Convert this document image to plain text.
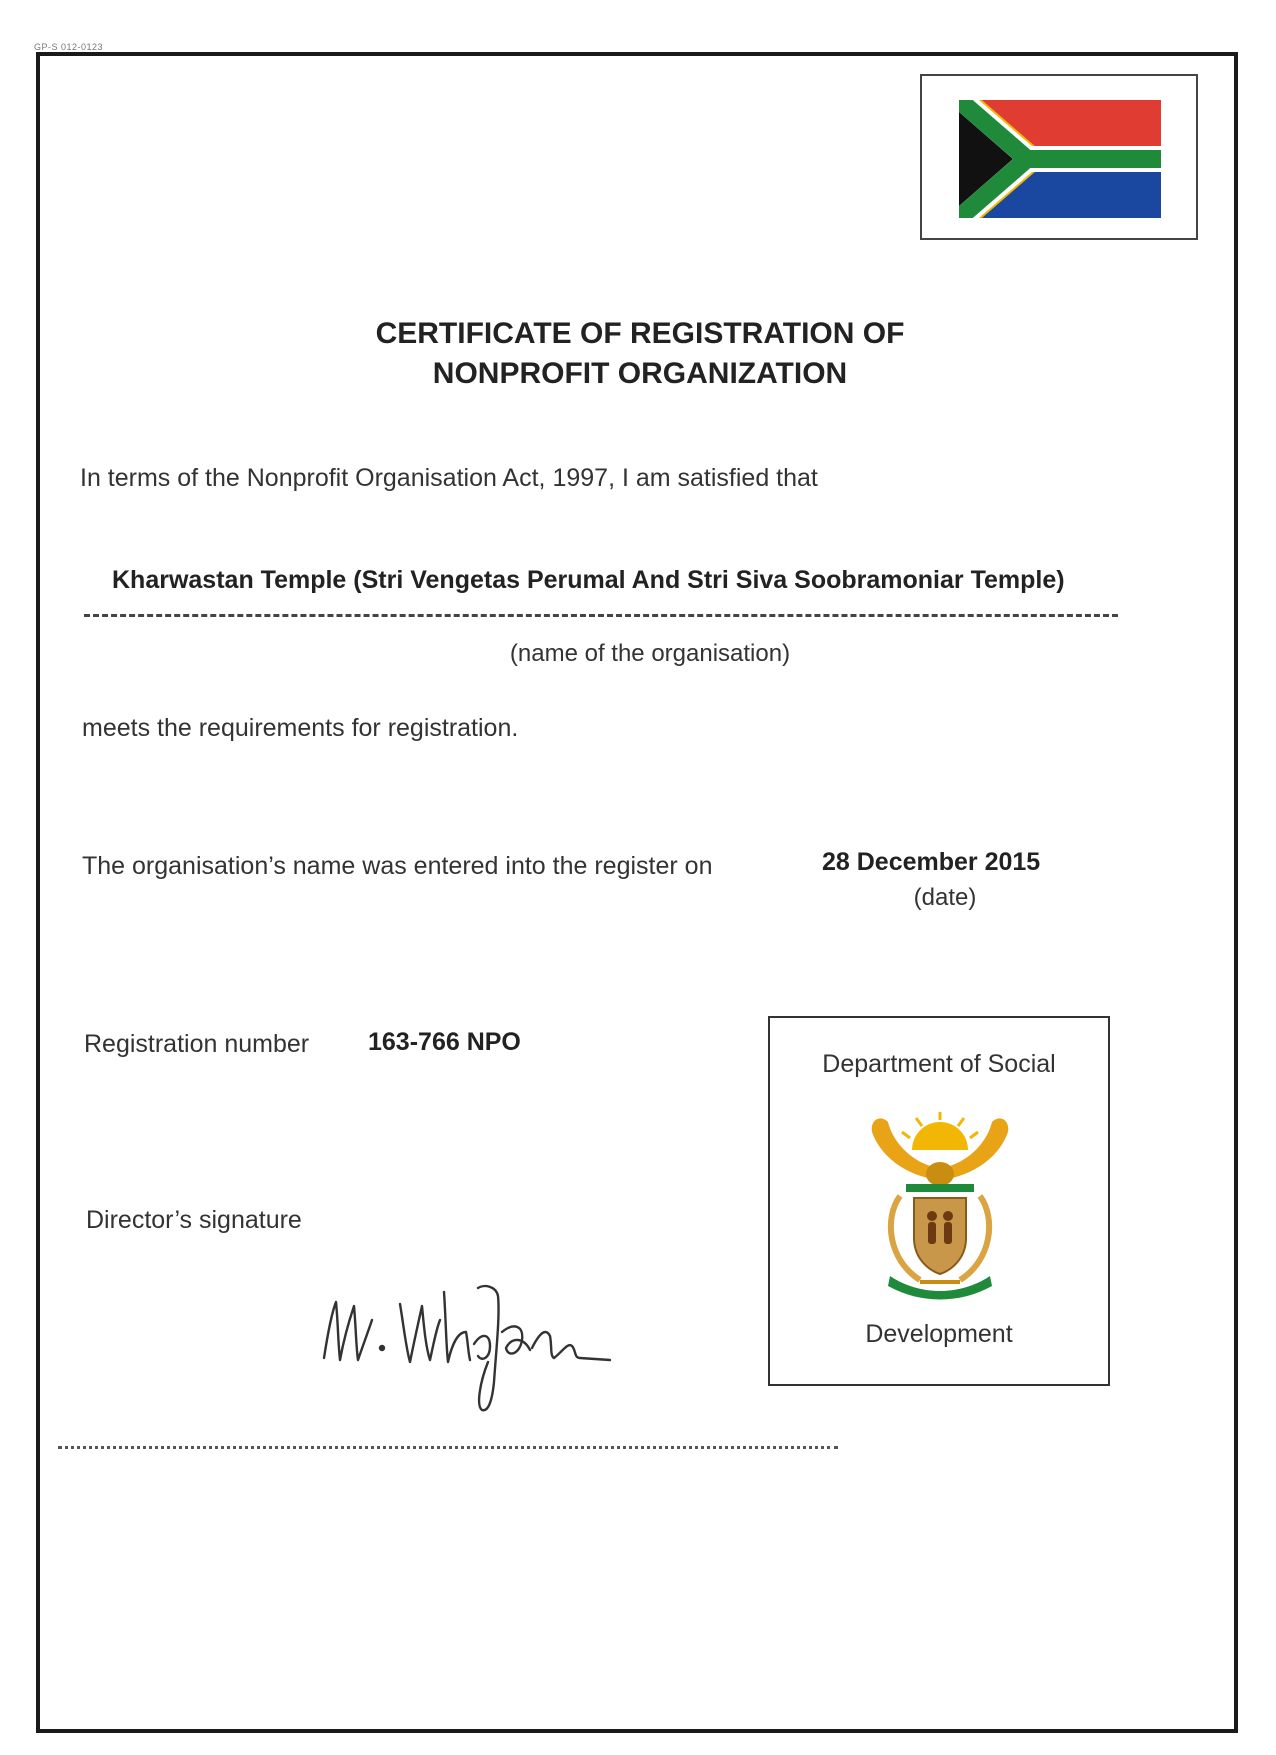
GP-S 012-0123
CERTIFICATE OF REGISTRATION OF
NONPROFIT ORGANIZATION
In terms of the Nonprofit Organisation Act, 1997, I am satisfied that
Kharwastan Temple (Stri Vengetas Perumal And Stri Siva Soobramoniar Temple)
(name of the organisation)
meets the requirements for registration.
The organisation’s name was entered into the register on	28 December 2015
(date)
Registration number 163-766 NPO
Director’s signature
Department of Social
Development
